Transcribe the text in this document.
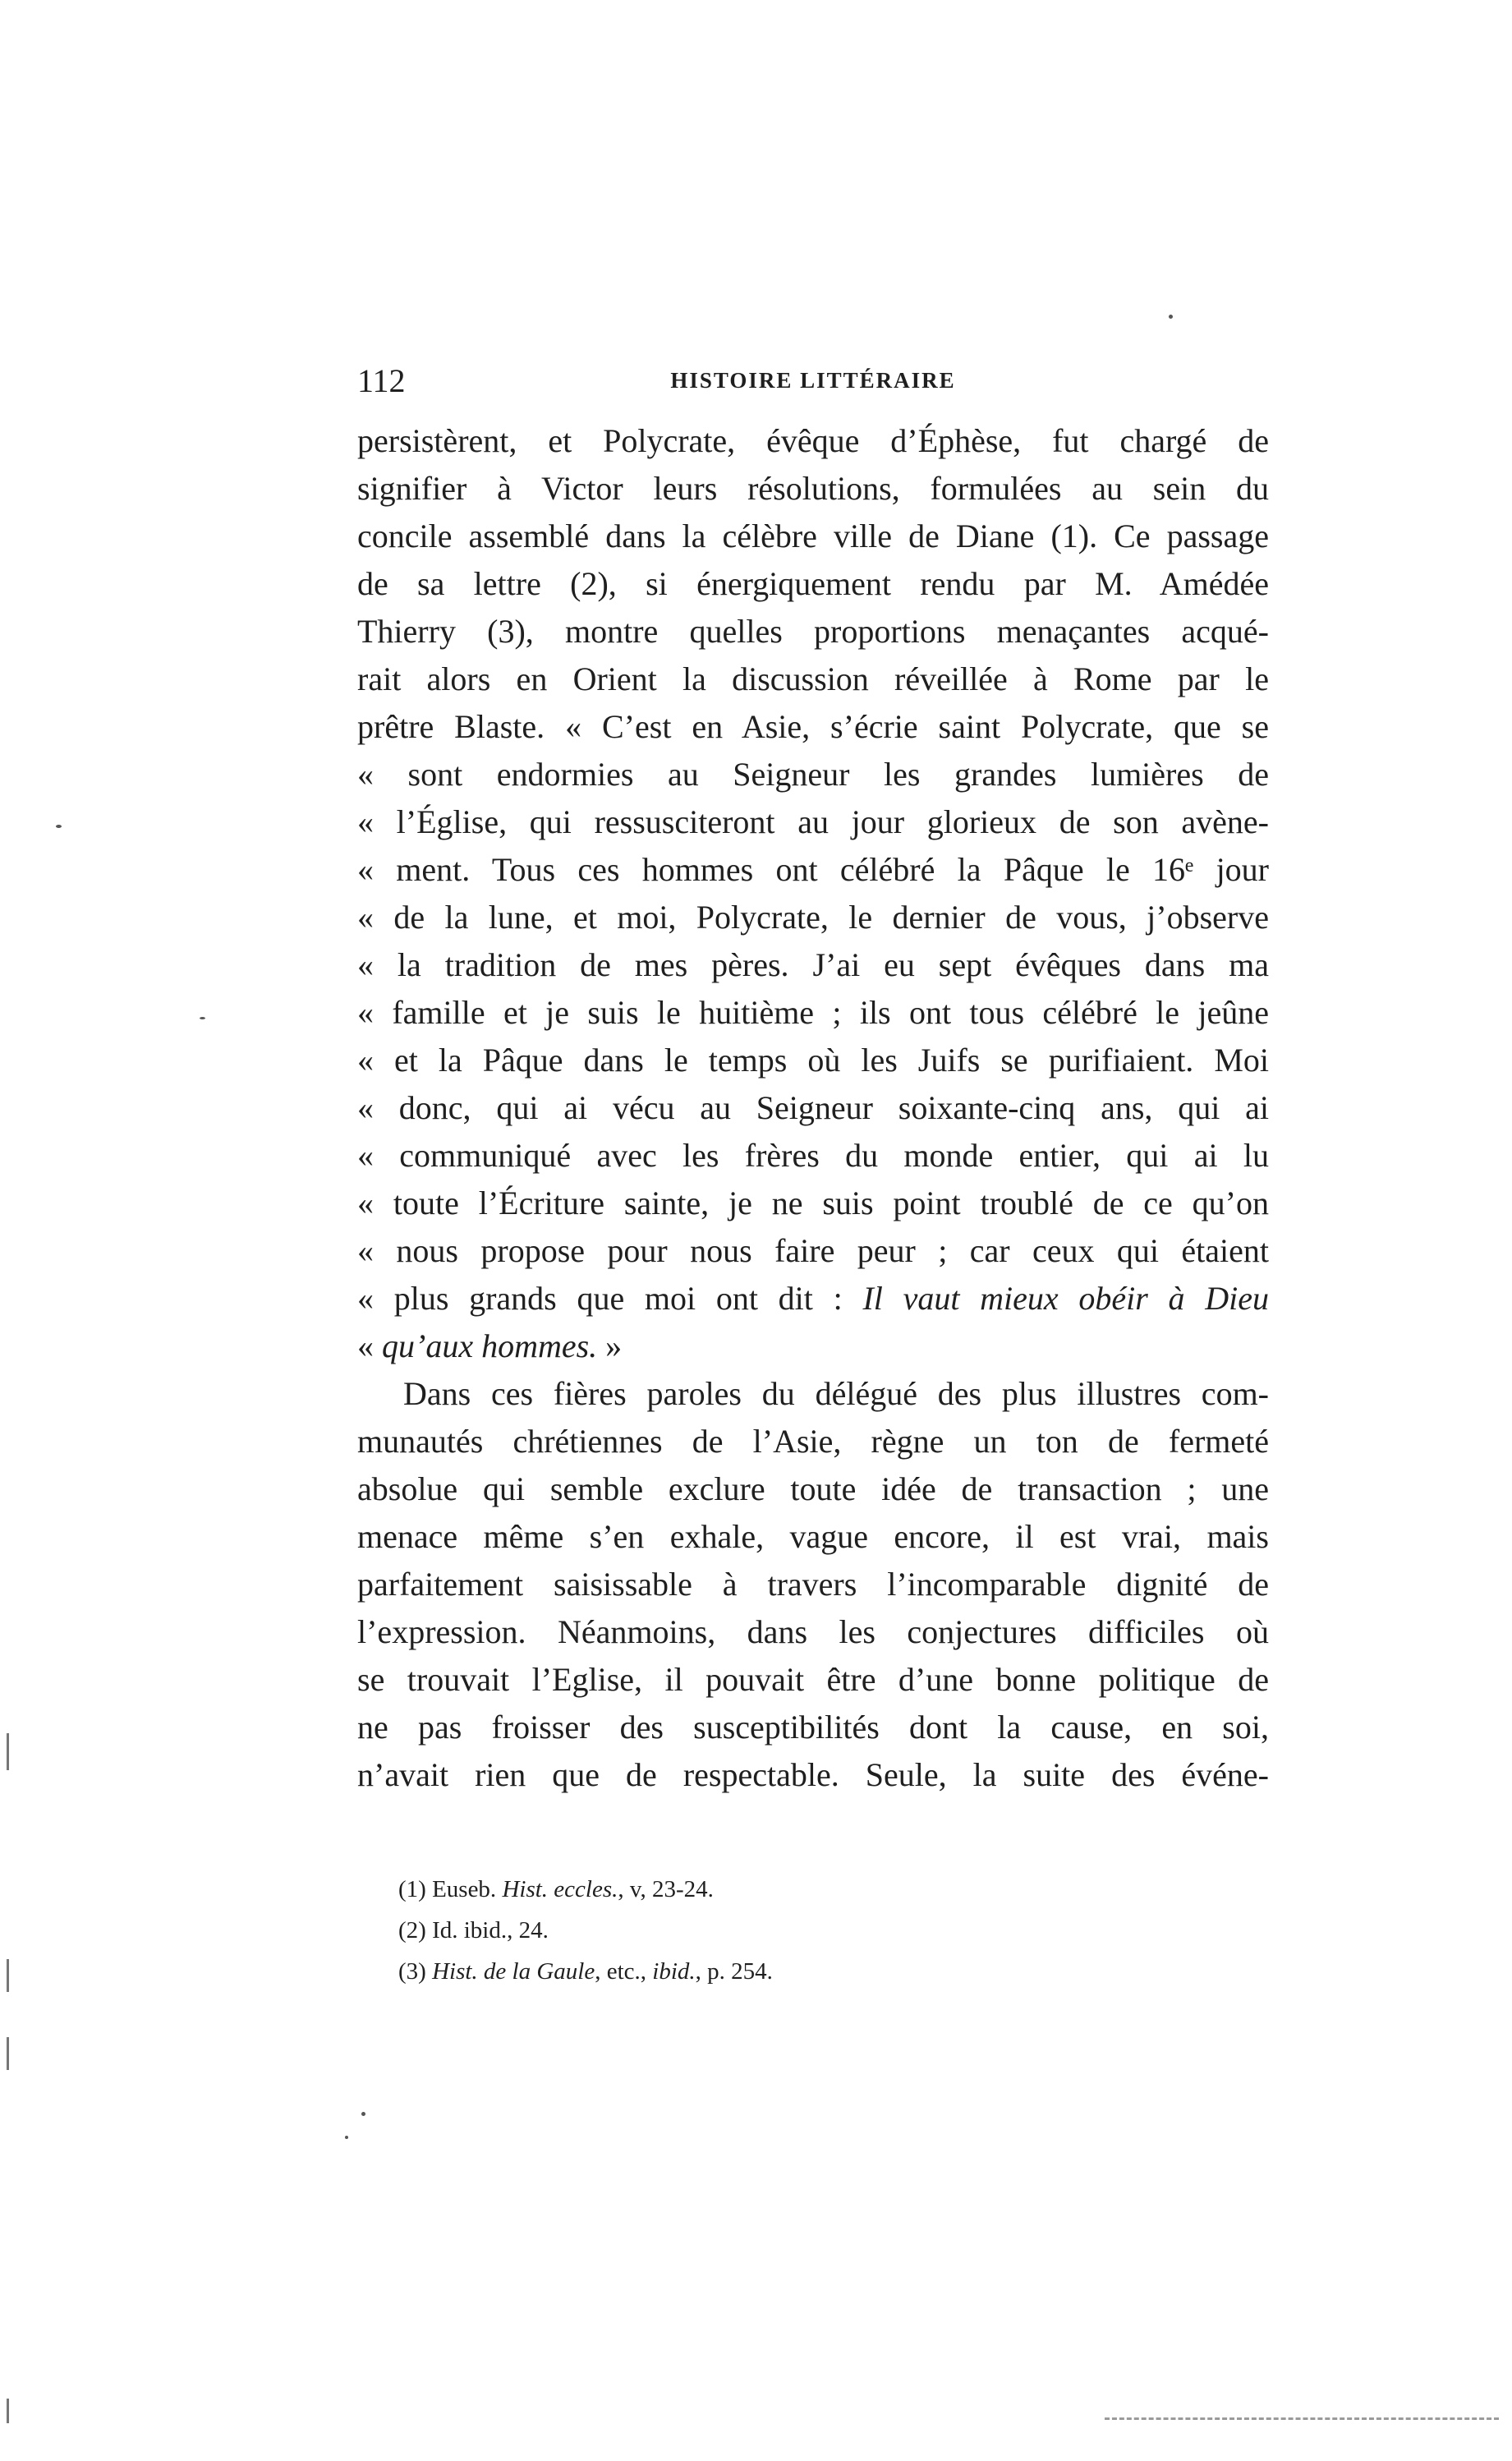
112	HISTOIRE LITTÉRAIRE
persistèrent, et Polycrate, évêque d’Éphèse, fut chargé de
signifier à Victor leurs résolutions, formulées au sein du
concile assemblé dans la célèbre ville de Diane (1). Ce passage
de sa lettre (2), si énergiquement rendu par M. Amédée
Thierry (3), montre quelles proportions menaçantes acqué-
rait alors en Orient la discussion réveillée à Rome par le
prêtre Blaste. « C’est en Asie, s’écrie saint Polycrate, que se
« sont endormies au Seigneur les grandes lumières de
« l’Église, qui ressusciteront au jour glorieux de son avène-
« ment. Tous ces hommes ont célébré la Pâque le 16ᵉ jour
« de la lune, et moi, Polycrate, le dernier de vous, j’observe
« la tradition de mes pères. J’ai eu sept évêques dans ma
« famille et je suis le huitième ; ils ont tous célébré le jeûne
« et la Pâque dans le temps où les Juifs se purifiaient. Moi
« donc, qui ai vécu au Seigneur soixante-cinq ans, qui ai
« communiqué avec les frères du monde entier, qui ai lu
« toute l’Écriture sainte, je ne suis point troublé de ce qu’on
« nous propose pour nous faire peur ; car ceux qui étaient
« plus grands que moi ont dit : Il vaut mieux obéir à Dieu
« qu’aux hommes. »
Dans ces fières paroles du délégué des plus illustres com-
munautés chrétiennes de l’Asie, règne un ton de fermeté
absolue qui semble exclure toute idée de transaction ; une
menace même s’en exhale, vague encore, il est vrai, mais
parfaitement saisissable à travers l’incomparable dignité de
l’expression. Néanmoins, dans les conjectures difficiles où
se trouvait l’Eglise, il pouvait être d’une bonne politique de
ne pas froisser des susceptibilités dont la cause, en soi,
n’avait rien que de respectable. Seule, la suite des événe-
(1) Euseb. Hist. eccles., v, 23-24.
(2) Id. ibid., 24.
(3) Hist. de la Gaule, etc., ibid., p. 254.
